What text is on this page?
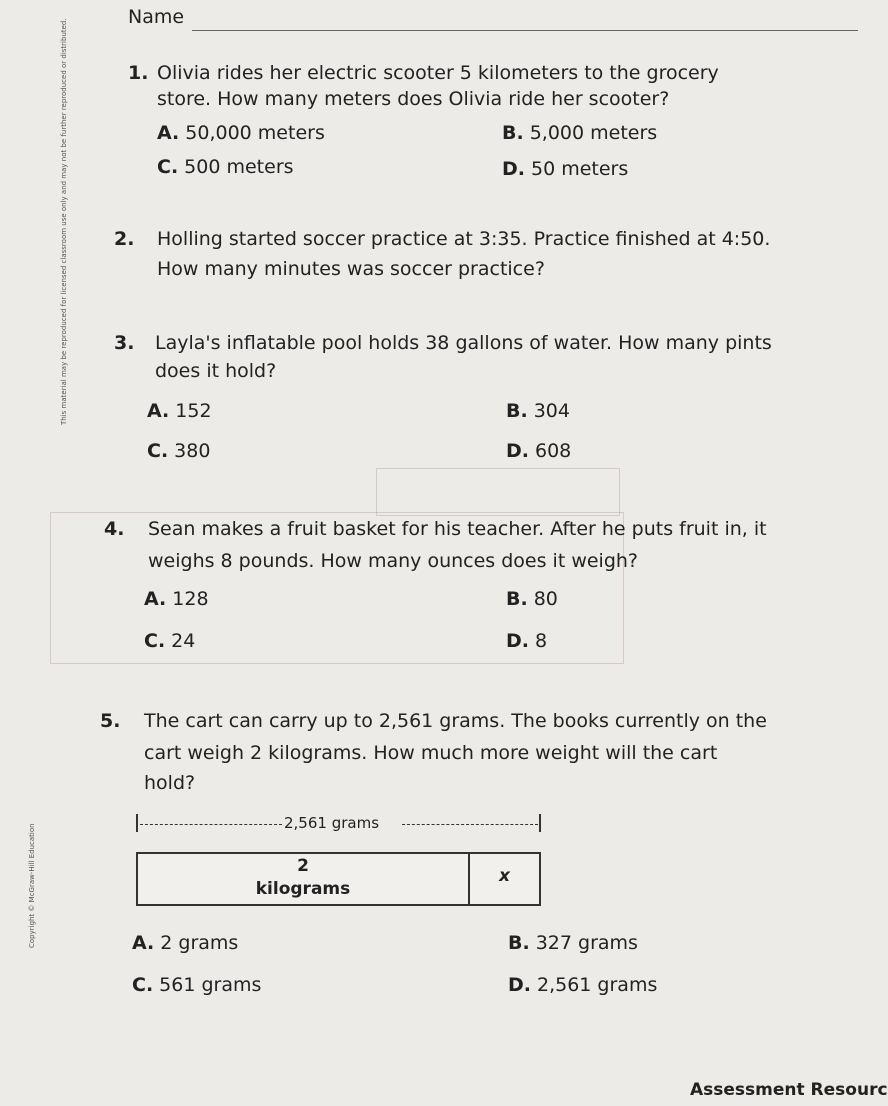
This material may be reproduced for licensed classroom use only and may not be further reproduced or distributed.
Copyright © McGraw-Hill Education
Name
1. Olivia rides her electric scooter 5 kilometers to the grocery
store. How many meters does Olivia ride her scooter?
A. 50,000 meters	B. 5,000 meters
C. 500 meters	D. 50 meters
2. Holling started soccer practice at 3:35. Practice finished at 4:50.
How many minutes was soccer practice?
3. Layla's inflatable pool holds 38 gallons of water. How many pints
does it hold?
A. 152	B. 304
C. 380	D. 608
4. Sean makes a fruit basket for his teacher. After he puts fruit in, it
weighs 8 pounds. How many ounces does it weigh?
A. 128	B. 80
C. 24	D. 8
5. The cart can carry up to 2,561 grams. The books currently on the
cart weigh 2 kilograms. How much more weight will the cart
hold?
2,561 grams
2
kilograms
x
A. 2 grams	B. 327 grams
C. 561 grams	D. 2,561 grams
Assessment Resourc
